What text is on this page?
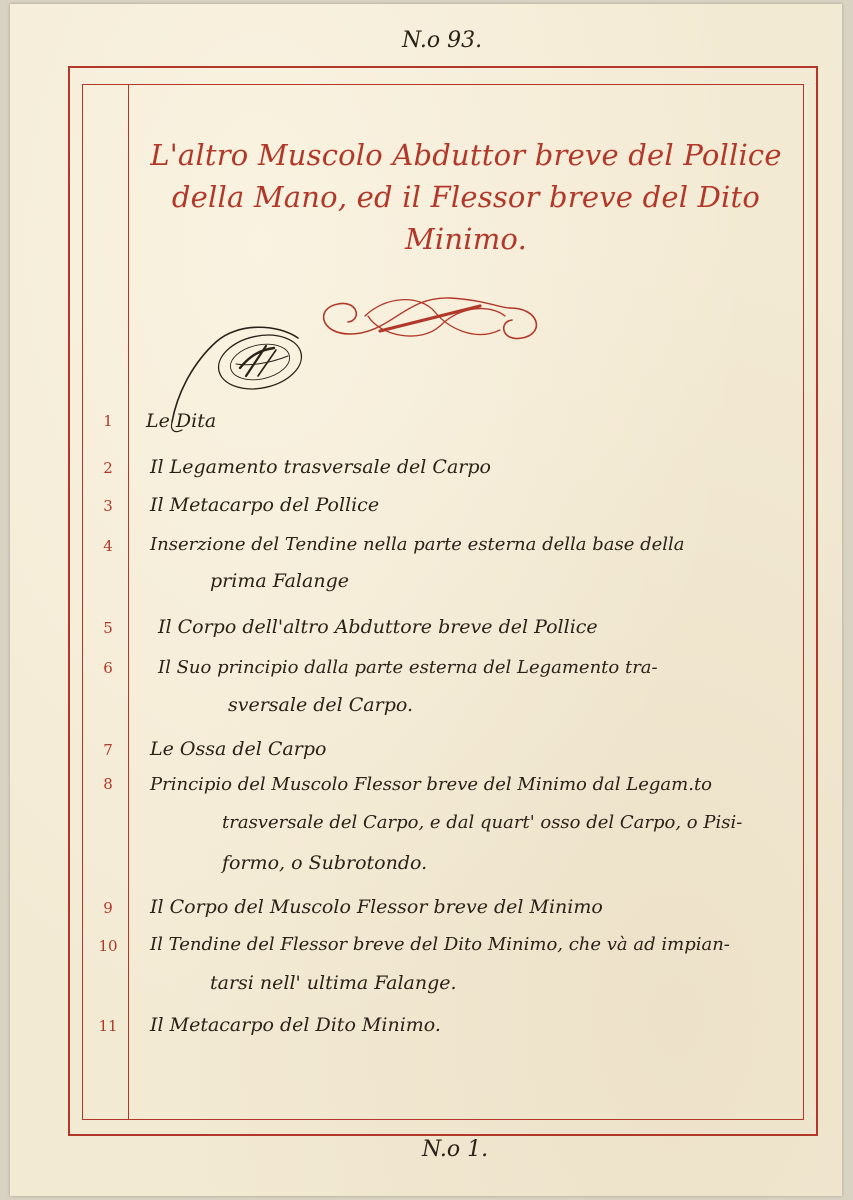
N.o 93.
L'altro Muscolo Abduttor breve del Pollice
della Mano, ed il Flessor breve del Dito
Minimo.
1
2
3
4
5
6
7
8
9
10
11
Le Dita
Il Legamento trasversale del Carpo
Il Metacarpo del Pollice
Inserzione del Tendine nella parte esterna della base della
prima Falange
Il Corpo dell'altro Abduttore breve del Pollice
Il Suo principio dalla parte esterna del Legamento tra-
sversale del Carpo.
Le Ossa del Carpo
Principio del Muscolo Flessor breve del Minimo dal Legam.to
trasversale del Carpo, e dal quart' osso del Carpo, o Pisi-
formo, o Subrotondo.
Il Corpo del Muscolo Flessor breve del Minimo
Il Tendine del Flessor breve del Dito Minimo, che và ad impian-
tarsi nell' ultima Falange.
Il Metacarpo del Dito Minimo.
N.o 1.
